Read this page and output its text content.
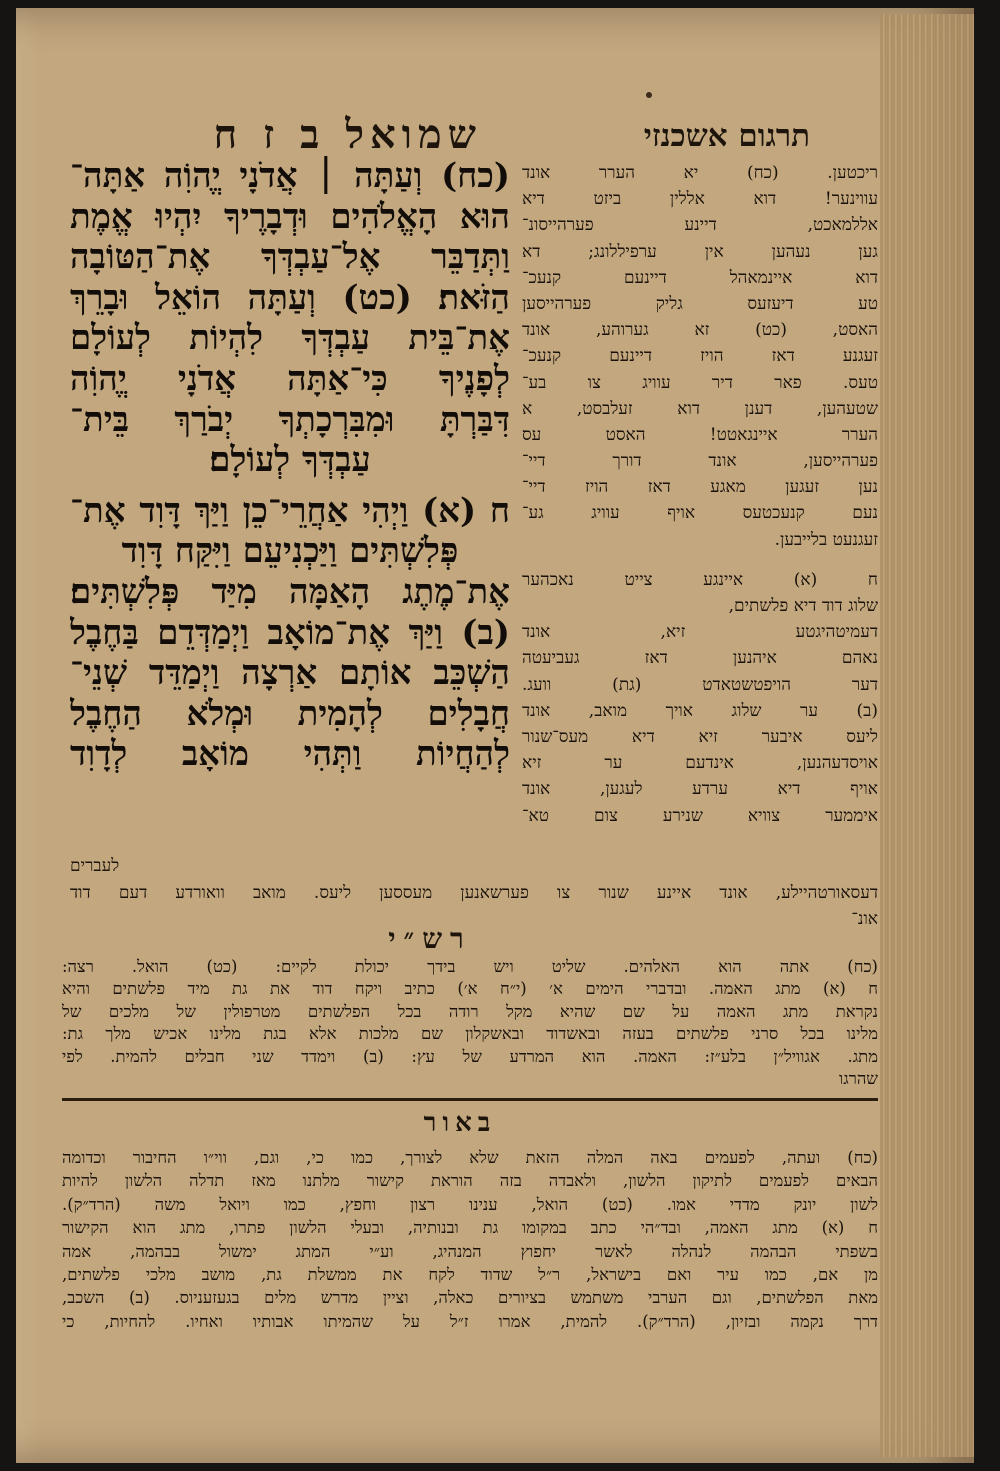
שמואל ב ז ח	תרגום אשכנזי
(כח) וְעַתָּה ׀ אֲדֹנָי יֱהוִֹה אַתָּה־
הוּא הָאֱלֹהִים וּדְבָרֶיךָ יִהְיוּ אֱמֶת
וַתְּדַבֵּר אֶל־עַבְדְּךָ אֶת־הַטּוֹבָה
הַזֹּאת׃ (כט) וְעַתָּה הוֹאֵל וּבָרֵךְ
אֶת־בֵּית עַבְדְּךָ לִהְיוֹת לְעוֹלָם
לְפָנֶיךָ כִּי־אַתָּה אֲדֹנָי יֱהוִֹה
דִּבַּרְתָּ וּמִבִּרְכָתְךָ יְבֹרַךְ בֵּית־
עַבְדְּךָ לְעוֹלָם׃
ח (א) וַיְהִי אַחֲרֵי־כֵן וַיַּךְ דָּוִד אֶת־
פְּלִשְׁתִּים וַיַּכְנִיעֵם וַיִּקַּח דָּוִד
אֶת־מֶתֶג הָאַמָּה מִיַּד פְּלִשְׁתִּים׃
(ב) וַיַּךְ אֶת־מוֹאָב וַיְמַדְּדֵם בַּחֶבֶל
הַשְׁכֵּב אוֹתָם אַרְצָה וַיְמַדֵּד שְׁנֵי־
חֲבָלִים לְהָמִית וּמְלֹא הַחֶבֶל
לְהַחֲיוֹת וַתְּהִי מוֹאָב לְדָוִד
לעברים
ריכטען. (כח) יא הערר אונד
עווינער! דוא אללין ביזט דיא
אללמאכט, דיינע פערהייסונ־
גען נעהען אין ערפיללונג; דא
דוא איינמאהל דיינעם קנעכ־
טע דיעזעס גליק פערהייסען
האסט, (כט) זא גערוהע, אונד
זעגנע דאז הויז דיינעם קנעכ־
טעס. פאר דיר עוויג צו בע־
שטעהען, דענן דוא זעלבסט, א
הערר איינגאטט! האסט עס
פערהייסען, אונד דורך דיי־
נען זעגען מאגע דאז הויז דיי־
נעם קנעכטעס אויף עוויג גע־
זעגנעט בלייבען.
ח (א) איינגע צייט נאכהער
שלוג דוד דיא פלשתים,
דעמיטהיגטע זיא, אונד
נאהם איהנען דאז געביעטה
דער הויפטשטאדט (גת) וועג.
(ב) ער שלוג אויך מואב, אונד
ליעס איבער זיא דיא מעס־שנור
אויסדעהנען, אינדעם ער זיא
אויף דיא ערדע לעגען, אונד
איממער צוויא שנירע צום טא־
דעסאורטהיילע, אונד איינע שנור צו פערשאנען מעססען ליעס. מואב וואורדע דעם דוד
אונ־
רש״י
(כח) אתה הוא האלהים. שליט ויש בידך יכולת לקיים: (כט) הואל. רצה:
ח (א) מתג האמה. ובדברי הימים א׳ (י״ח א׳) כתיב ויקח דוד את גת מיד פלשתים והיא
נקראת מתג האמה על שם שהיא מקל רודה בכל הפלשתים מטרפולין של מלכים של
מלינו בכל סרני פלשתים בעזה ובאשדוד ובאשקלון שם מלכות אלא בגת מלינו אכיש מלך גת:
מתג. אגוויל״ן בלע״ז: האמה. הוא המרדע של עץ: (ב) וימדד שני חבלים להמית. לפי
שהרגו
באור
(כח) ועתה, לפעמים באה המלה הזאת שלא לצורך, כמו כי, וגם, ווי״ו החיבור וכדומה
הבאים לפעמים לתיקון הלשון, ולאבדה בזה הוראת קישור מלתנו מאז תדלה הלשון להיות
לשון יונק מדדי אמו. (כט) הואל, ענינו רצון וחפץ, כמו ויואל משה (הרד״ק).
ח (א) מתג האמה, ובד״הי כתב במקומו גת ובנותיה, ובעלי הלשון פתרו, מתג הוא הקישור
בשפתי הבהמה לנהלה לאשר יחפוץ המנהיג, וע״י המתג ימשול בבהמה, אמה
מן אם, כמו עיר ואם בישראל, ר״ל שדוד לקח את ממשלת גת, מושב מלכי פלשתים,
מאת הפלשתים, וגם הערבי משתמש בציורים כאלה, וציין מדרש מלים בגעזעניוס. (ב) השכב,
דרך נקמה ובזיון, (הרד״ק). להמית, אמרו ז״ל על שהמיתו אבותיו ואחיו. להחיות, כי
